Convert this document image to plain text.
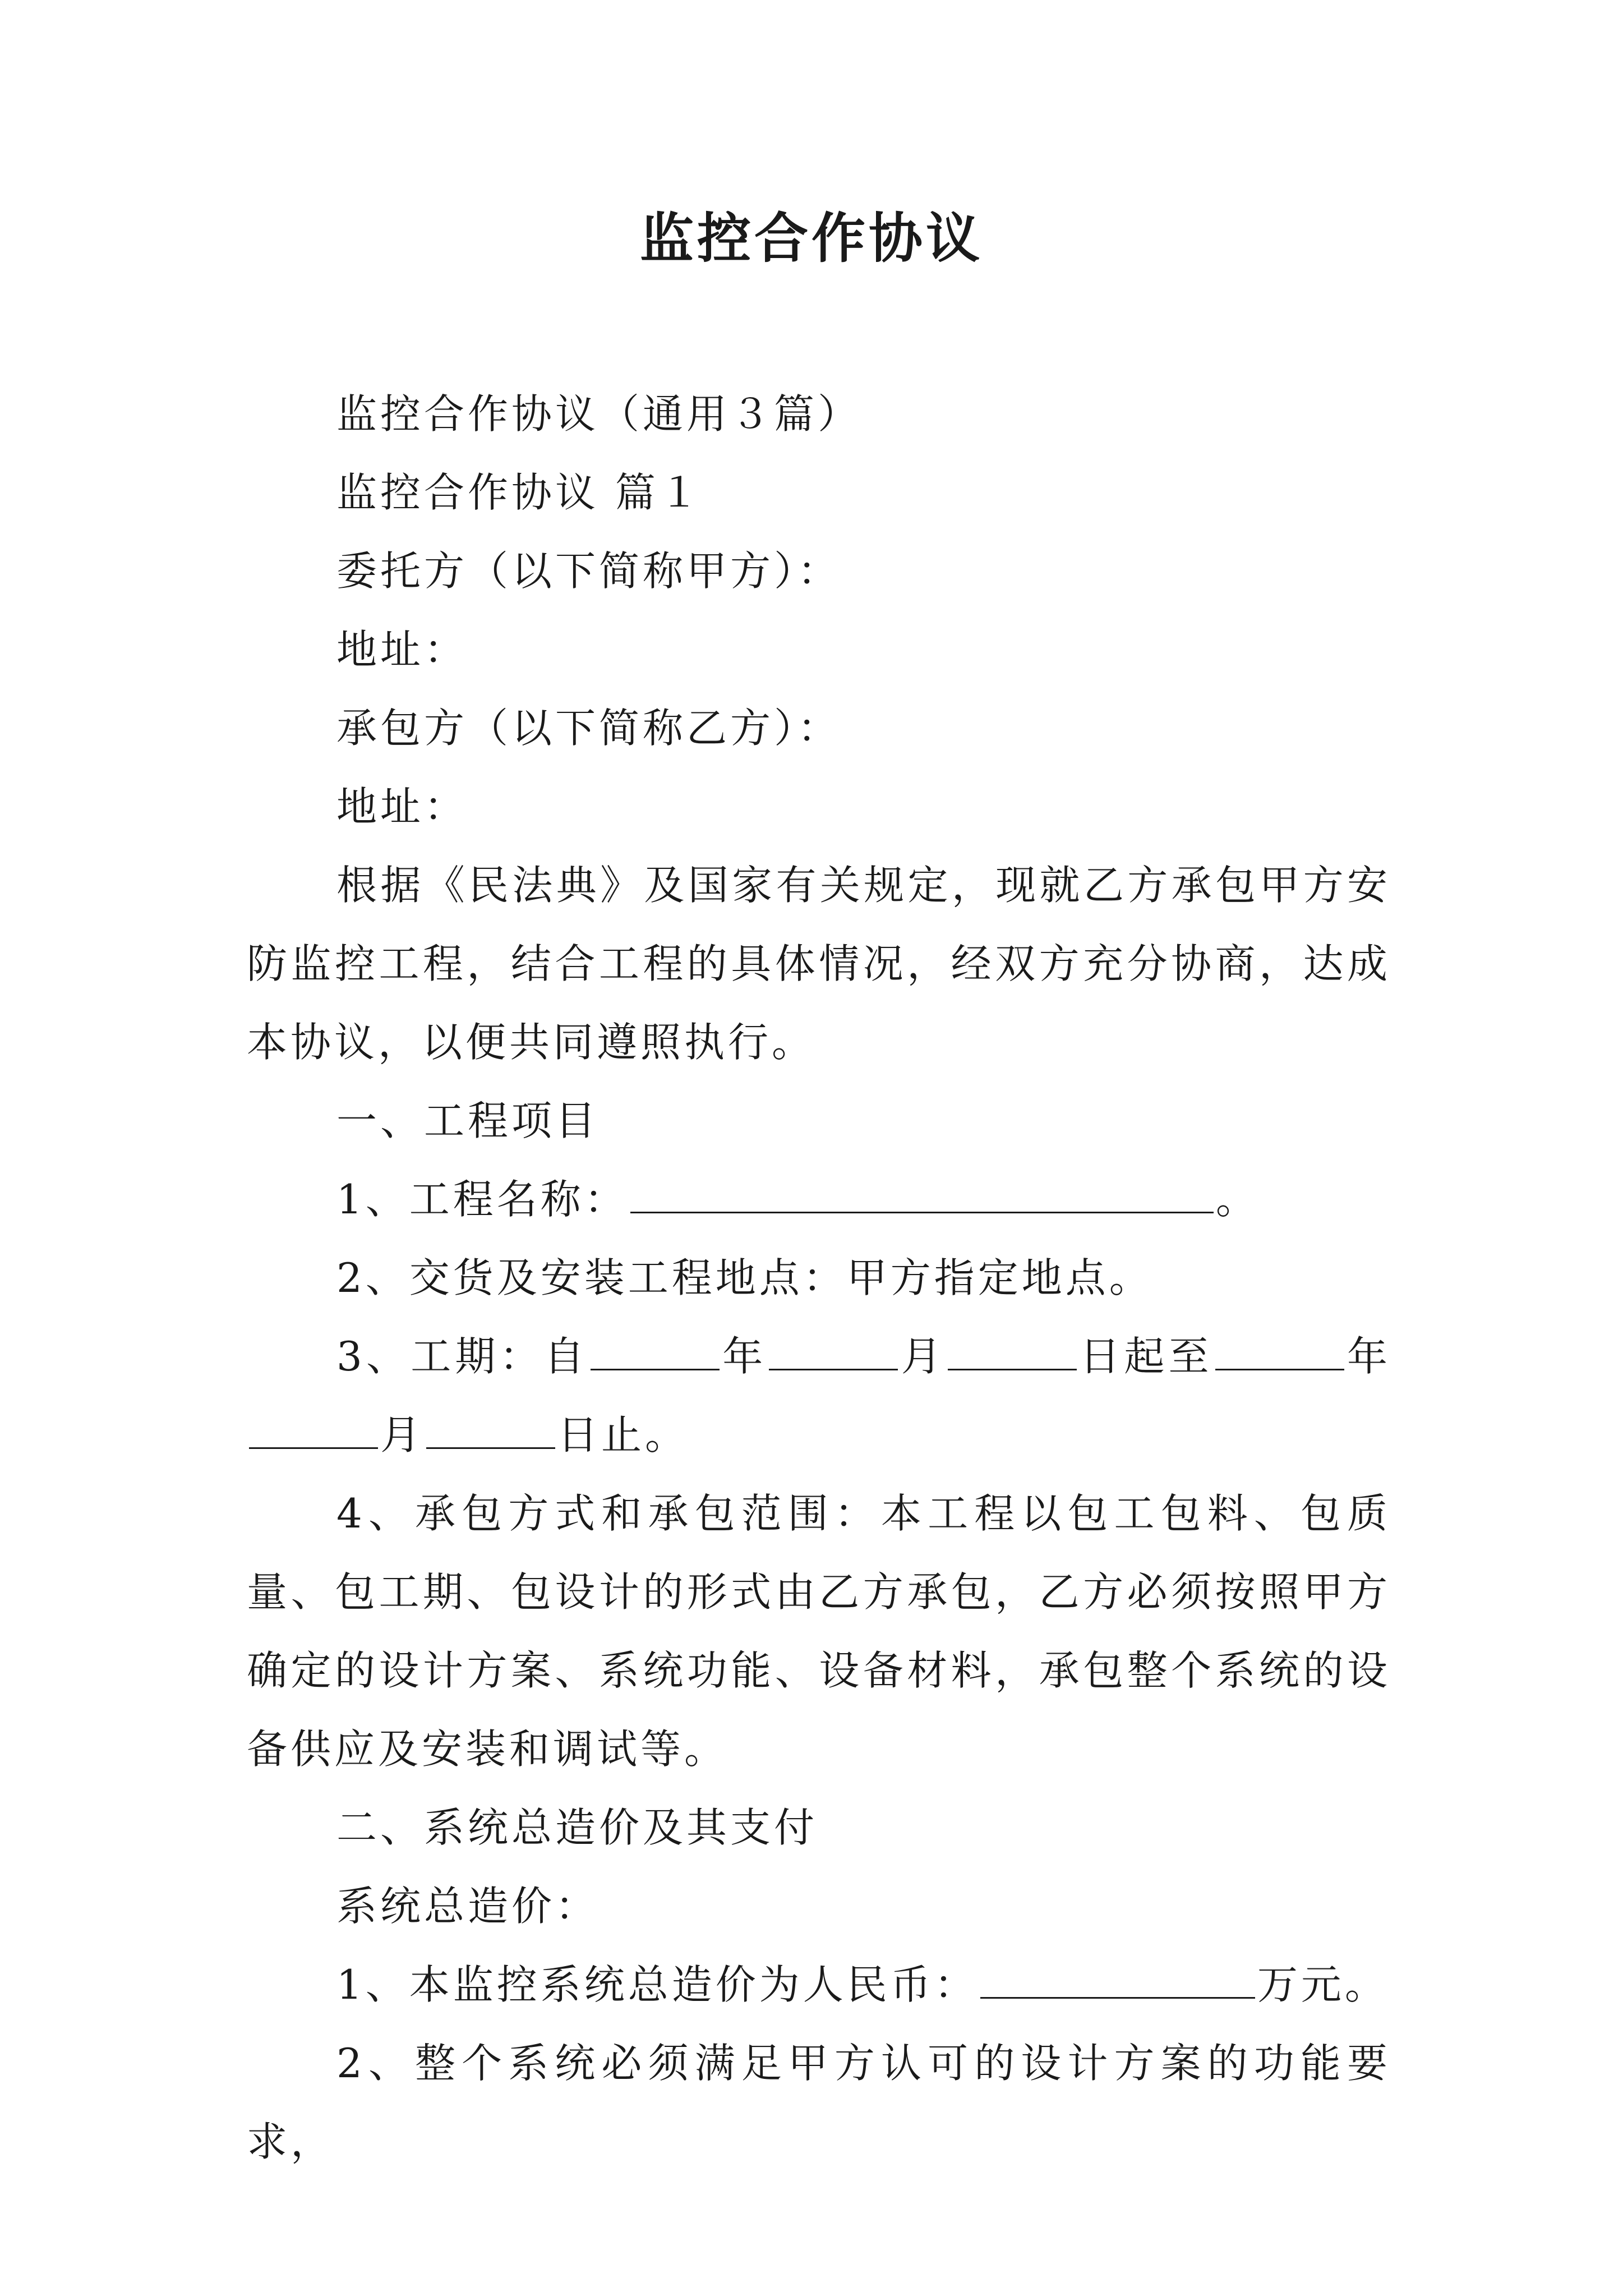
监控合作协议

监控合作协议（通用３篇）

监控合作协议 篇１

委托方（以下简称甲方）：

地址：

承包方（以下简称乙方）：

地址：

根据《民法典》及国家有关规定，现就乙方承包甲方安防监控工程，结合工程的具体情况，经双方充分协商，达成本协议，以便共同遵照执行。

一、工程项目

1、工程名称：	。

2、交货及安装工程地点：甲方指定地点。

3、工期：自	年	月	日起至	年月	日止。

4、承包方式和承包范围：本工程以包工包料、包质量、包工期、包设计的形式由乙方承包，乙方必须按照甲方确定的设计方案、系统功能、设备材料，承包整个系统的设备供应及安装和调试等。

二、系统总造价及其支付

系统总造价：

1、本监控系统总造价为人民币：	万元。

2、整个系统必须满足甲方认可的设计方案的功能要求，
